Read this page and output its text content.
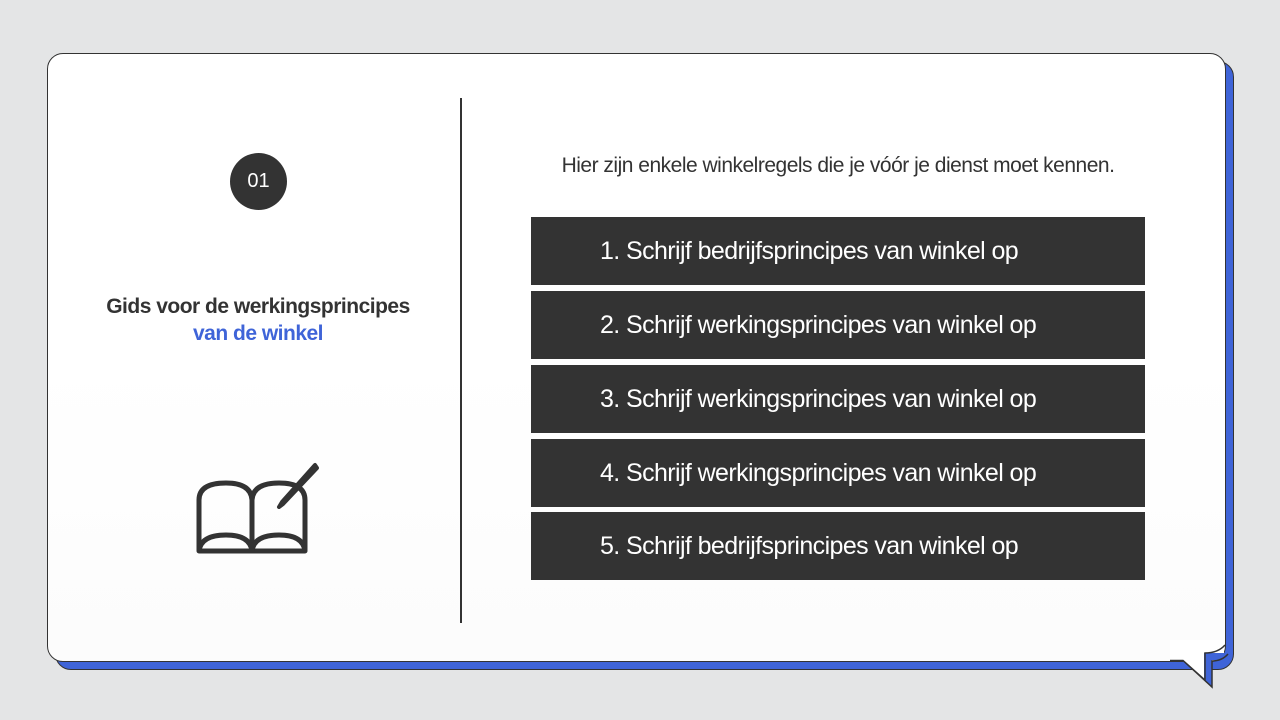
01
Gids voor de werkingsprincipes
van de winkel
Hier zijn enkele winkelregels die je vóór je dienst moet kennen.
1. Schrijf bedrijfsprincipes van winkel op
2. Schrijf werkingsprincipes van winkel op
3. Schrijf werkingsprincipes van winkel op
4. Schrijf werkingsprincipes van winkel op
5. Schrijf bedrijfsprincipes van winkel op
